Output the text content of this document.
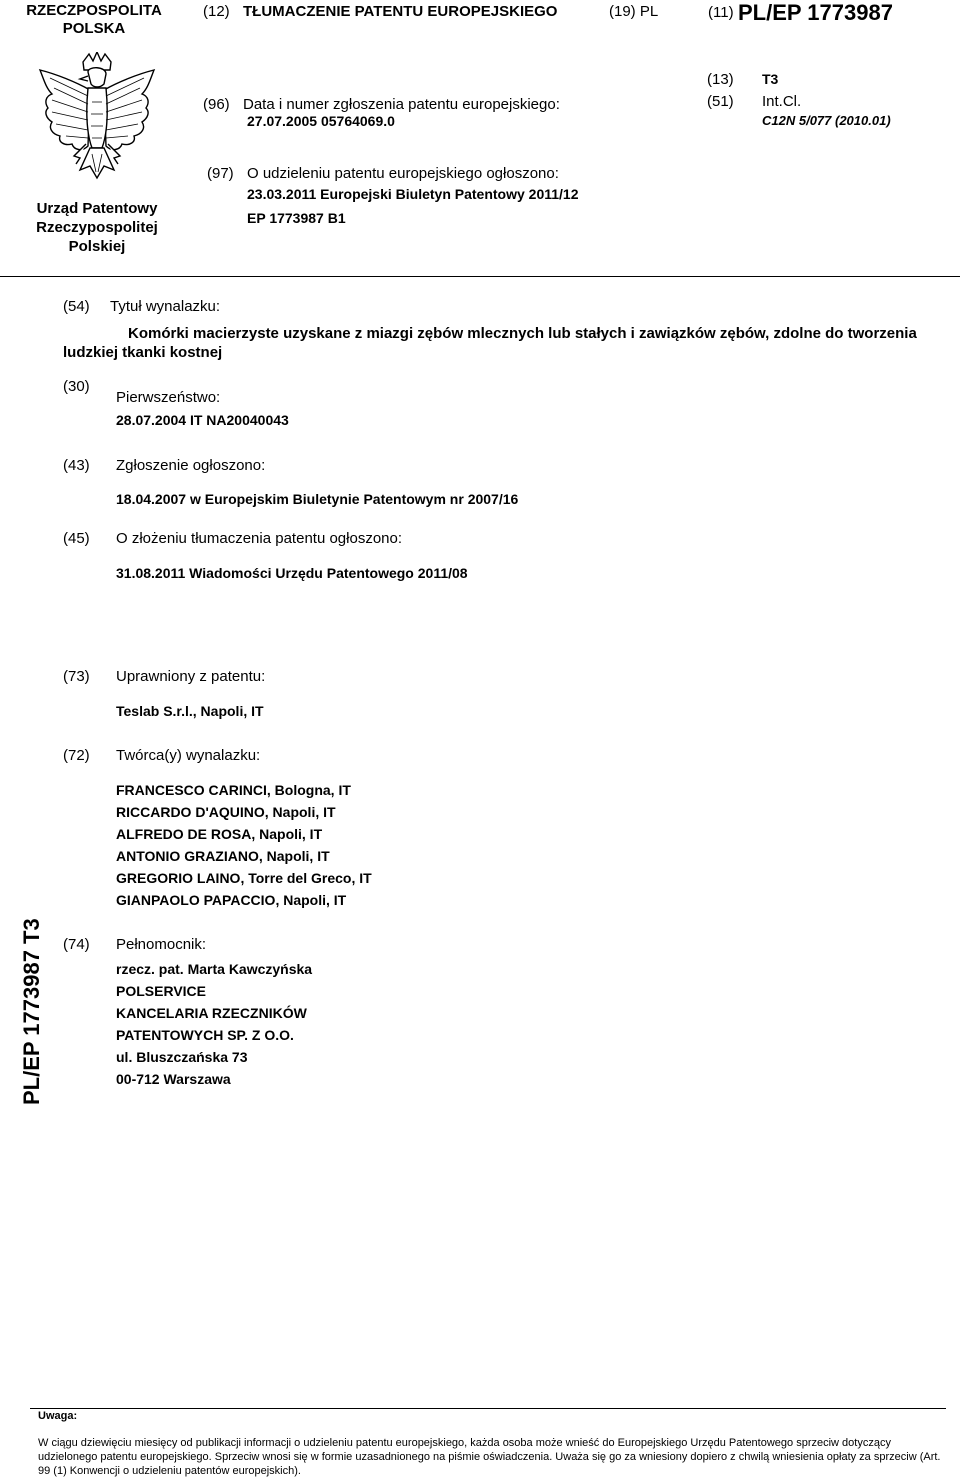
RZECZPOSPOLITA POLSKA
(12) TŁUMACZENIE PATENTU EUROPEJSKIEGO	(19) PL	(11) PL/EP 1773987
Urząd Patentowy Rzeczypospolitej Polskiej
(13) T3
(51) Int.Cl.
C12N 5/077 (2010.01)
(96) Data i numer zgłoszenia patentu europejskiego:
27.07.2005 05764069.0
(97) O udzieleniu patentu europejskiego ogłoszono:
23.03.2011 Europejski Biuletyn Patentowy 2011/12
EP 1773987 B1
(54) Tytuł wynalazku:
Komórki macierzyste uzyskane z miazgi zębów mlecznych lub stałych i zawiązków zębów, zdolne do tworzenia ludzkiej tkanki kostnej
(30)
Pierwszeństwo:
28.07.2004 IT NA20040043
(43) Zgłoszenie ogłoszono:
18.04.2007 w Europejskim Biuletynie Patentowym nr 2007/16
(45) O złożeniu tłumaczenia patentu ogłoszono:
31.08.2011 Wiadomości Urzędu Patentowego 2011/08
(73) Uprawniony z patentu:
Teslab S.r.l., Napoli, IT
(72) Twórca(y) wynalazku:
FRANCESCO CARINCI, Bologna, IT
RICCARDO D'AQUINO, Napoli, IT
ALFREDO DE ROSA, Napoli, IT
ANTONIO GRAZIANO, Napoli, IT
GREGORIO LAINO, Torre del Greco, IT
GIANPAOLO PAPACCIO, Napoli, IT
(74) Pełnomocnik:
rzecz. pat. Marta Kawczyńska
POLSERVICE
KANCELARIA RZECZNIKÓW
PATENTOWYCH SP. Z O.O.
ul. Bluszczańska 73
00-712 Warszawa
PL/EP 1773987 T3
Uwaga:
W ciągu dziewięciu miesięcy od publikacji informacji o udzieleniu patentu europejskiego, każda osoba może wnieść do Europejskiego Urzędu Patentowego sprzeciw dotyczący udzielonego patentu europejskiego. Sprzeciw wnosi się w formie uzasadnionego na piśmie oświadczenia. Uważa się go za wniesiony dopiero z chwilą wniesienia opłaty za sprzeciw (Art. 99 (1) Konwencji o udzieleniu patentów europejskich).
